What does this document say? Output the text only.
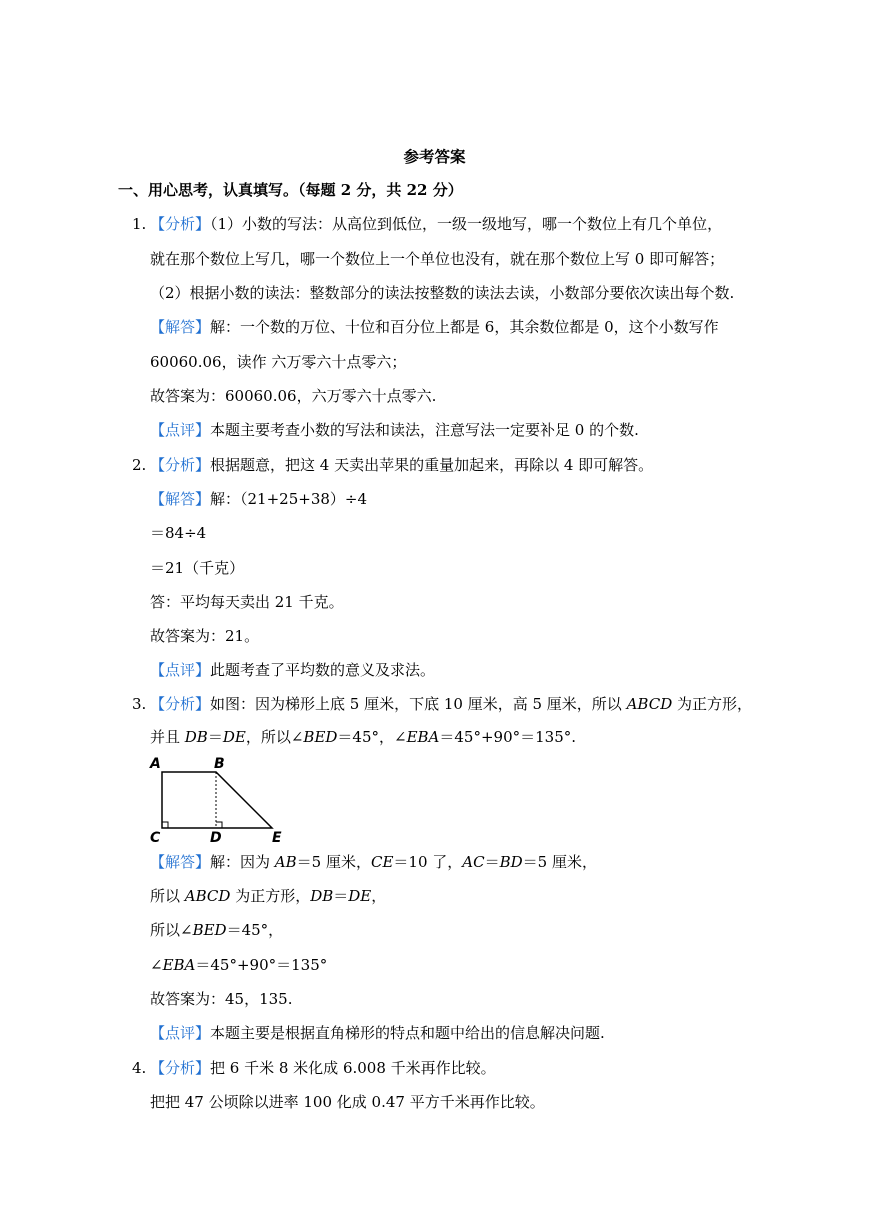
参考答案
一、用心思考，认真填写。（每题 2 分，共 22 分）
1. 【分析】（1）小数的写法：从高位到低位，一级一级地写，哪一个数位上有几个单位，
就在那个数位上写几，哪一个数位上一个单位也没有，就在那个数位上写 0 即可解答；
（2）根据小数的读法：整数部分的读法按整数的读法去读，小数部分要依次读出每个数.
【解答】解：一个数的万位、十位和百分位上都是 6，其余数位都是 0，这个小数写作
60060.06，读作 六万零六十点零六；
故答案为：60060.06，六万零六十点零六.
【点评】本题主要考查小数的写法和读法，注意写法一定要补足 0 的个数.
2. 【分析】根据题意，把这 4 天卖出苹果的重量加起来，再除以 4 即可解答。
【解答】解：（21+25+38）÷4
＝84÷4
＝21（千克）
答：平均每天卖出 21 千克。
故答案为：21。
【点评】此题考查了平均数的意义及求法。
3. 【分析】如图：因为梯形上底 5 厘米，下底 10 厘米，高 5 厘米，所以 ABCD 为正方形，
并且 DB＝DE，所以∠BED＝45°，∠EBA＝45°+90°＝135°.
A	B
C	D	E
【解答】解：因为 AB＝5 厘米，CE＝10 了，AC＝BD＝5 厘米，
所以 ABCD 为正方形，DB＝DE，
所以∠BED＝45°，
∠EBA＝45°+90°＝135°
故答案为：45，135.
【点评】本题主要是根据直角梯形的特点和题中给出的信息解决问题.
4. 【分析】把 6 千米 8 米化成 6.008 千米再作比较。
把把 47 公顷除以进率 100 化成 0.47 平方千米再作比较。
